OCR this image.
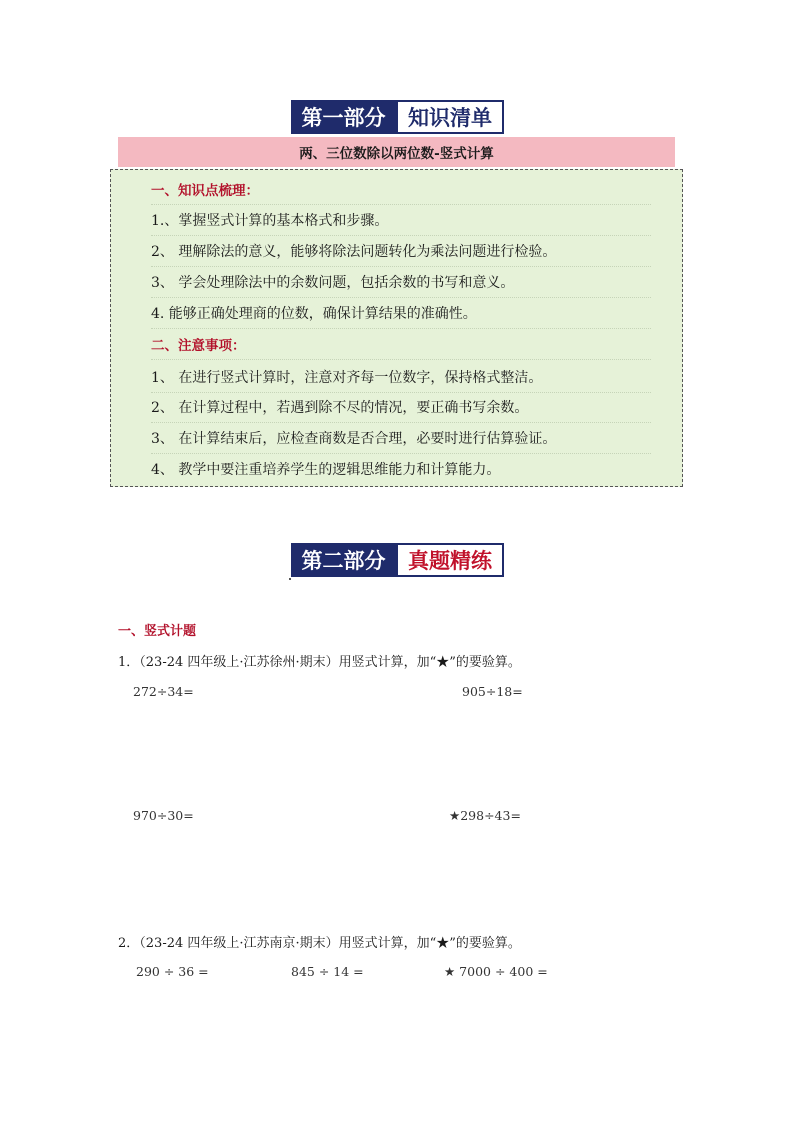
第一部分	知识清单
两、三位数除以两位数-竖式计算
一、知识点梳理：
1.、掌握竖式计算的基本格式和步骤。
2、 理解除法的意义，能够将除法问题转化为乘法问题进行检验。
3、 学会处理除法中的余数问题，包括余数的书写和意义。
4. 能够正确处理商的位数，确保计算结果的准确性。
二、注意事项：
1、 在进行竖式计算时，注意对齐每一位数字，保持格式整洁。
2、 在计算过程中，若遇到除不尽的情况，要正确书写余数。
3、 在计算结束后，应检查商数是否合理，必要时进行估算验证。
4、 教学中要注重培养学生的逻辑思维能力和计算能力。
第二部分	真题精练
一、竖式计题
1．（23-24 四年级上·江苏徐州·期末）用竖式计算，加“★”的要验算。
272÷34=	905÷18=
970÷30=	★298÷43=
2．（23-24 四年级上·江苏南京·期末）用竖式计算，加“★”的要验算。
290 ÷ 36 =	845 ÷ 14 =	★ 7000 ÷ 400 =
